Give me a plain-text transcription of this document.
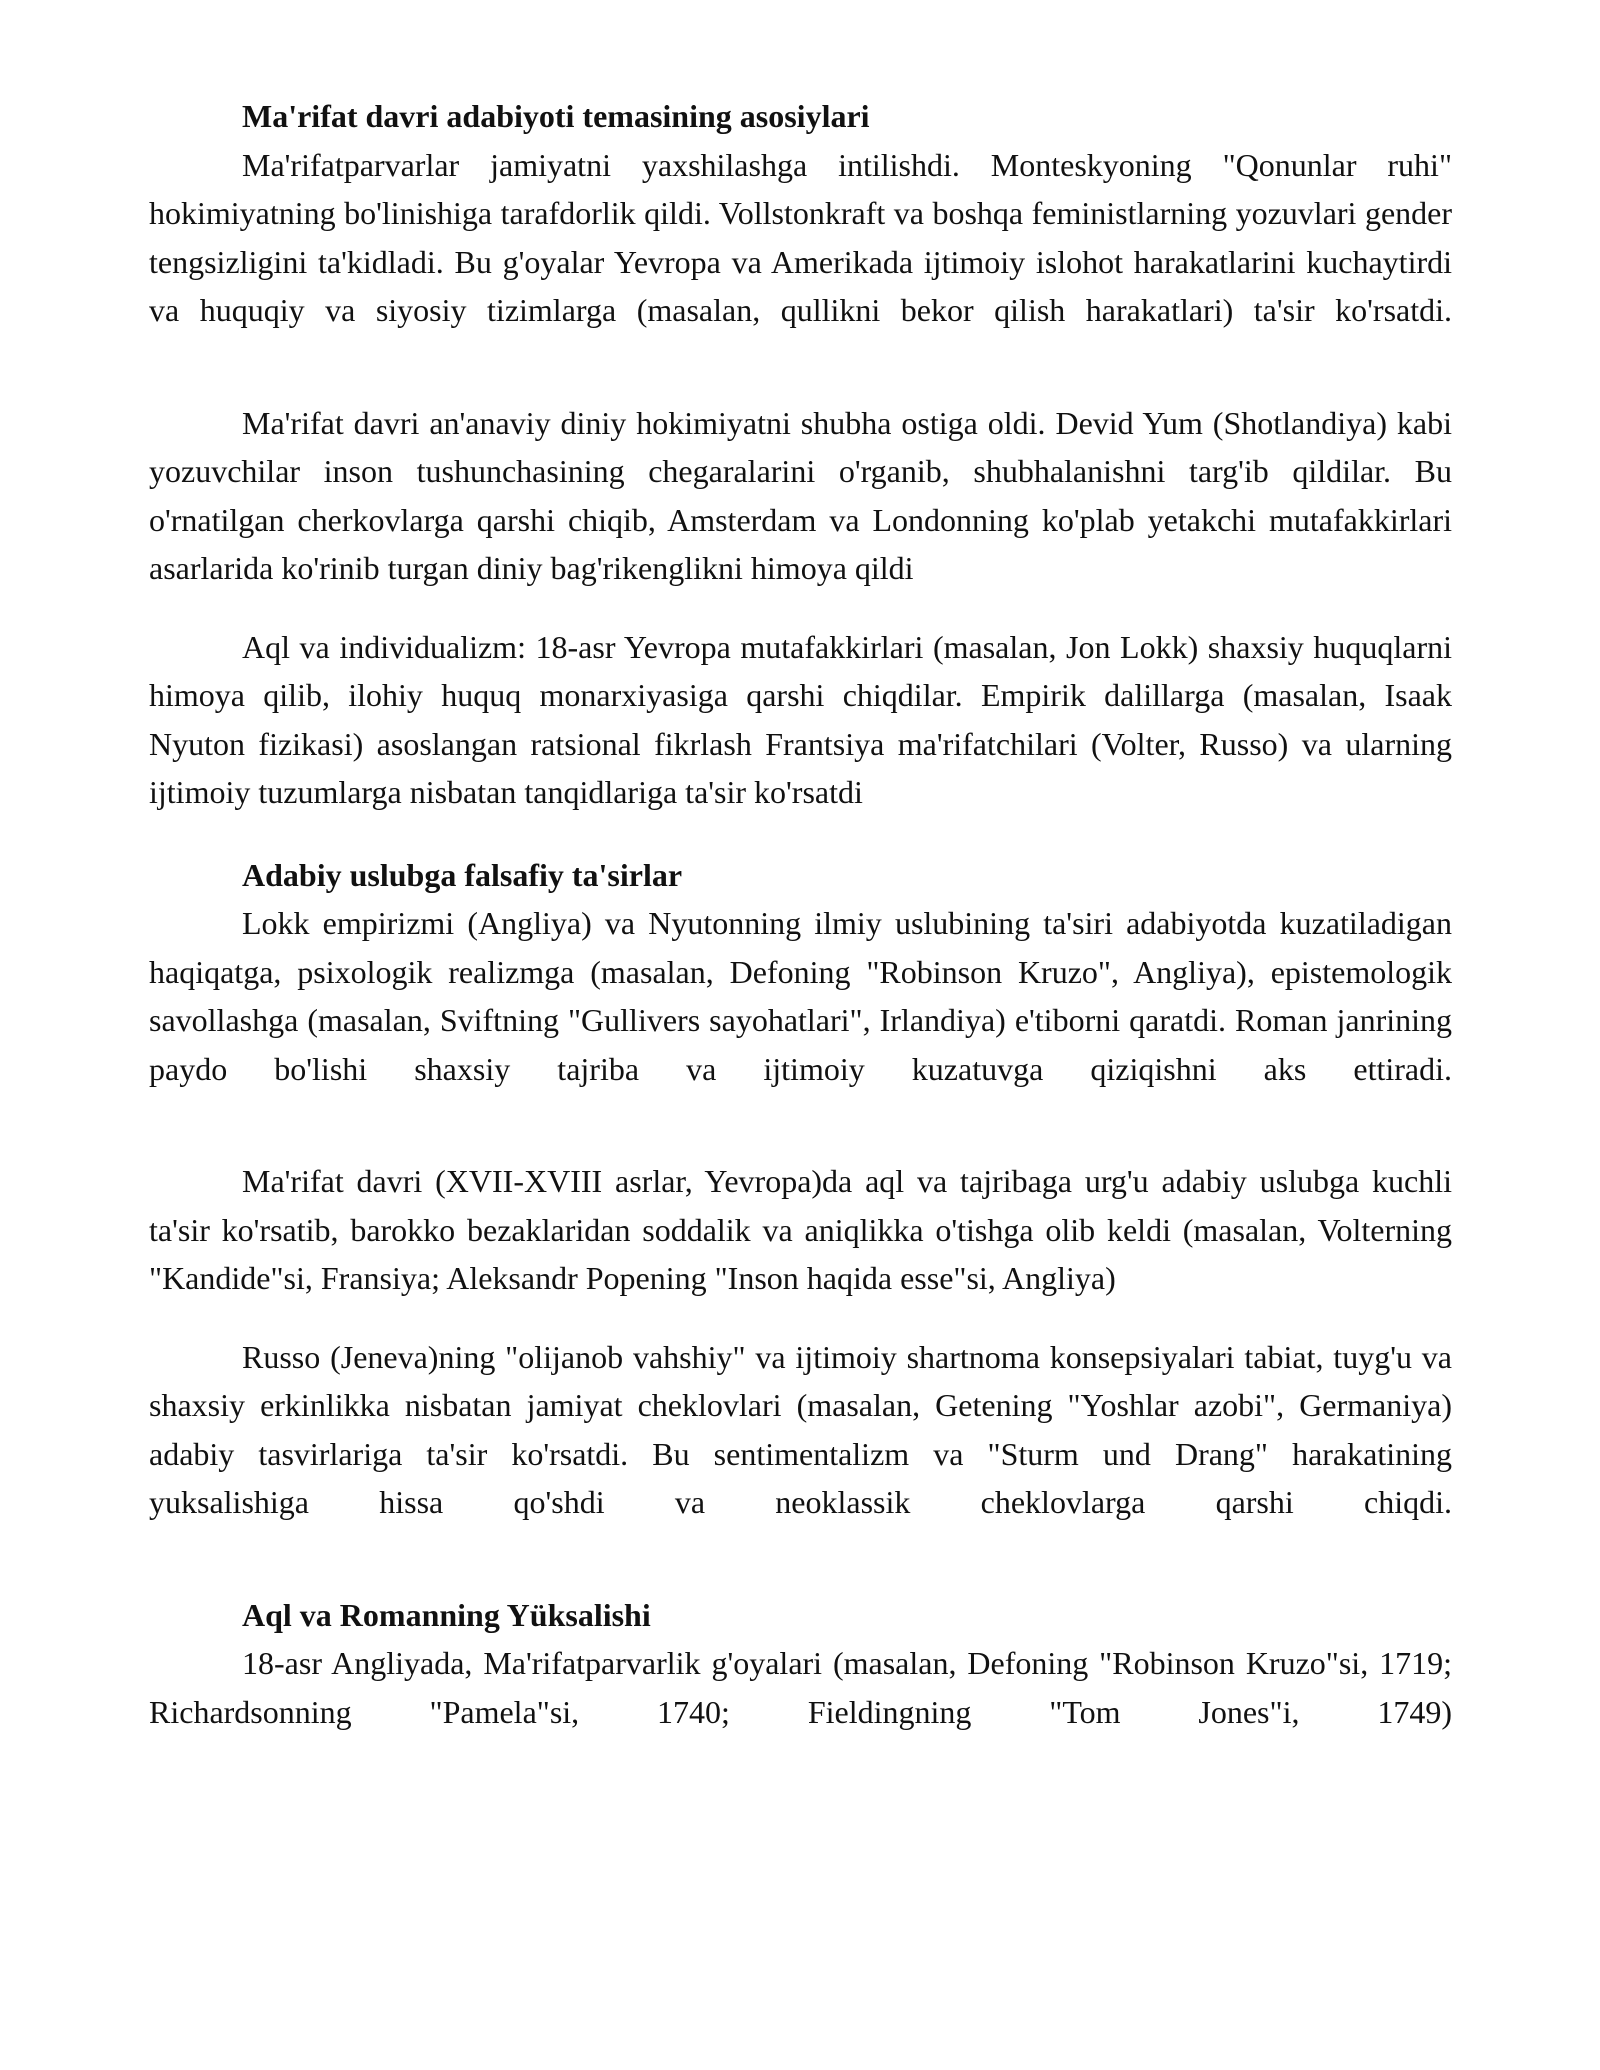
Ma'rifat davri adabiyoti temasining asosiylari

Ma'rifatparvarlar jamiyatni yaxshilashga intilishdi. Monteskyoning "Qonunlar ruhi" hokimiyatning bo'linishiga tarafdorlik qildi. Vollstonkraft va boshqa feministlarning yozuvlari gender tengsizligini ta'kidladi. Bu g'oyalar Yevropa va Amerikada ijtimoiy islohot harakatlarini kuchaytirdi va huquqiy va siyosiy tizimlarga (masalan, qullikni bekor qilish harakatlari) ta'sir ko'rsatdi.

Ma'rifat davri an'anaviy diniy hokimiyatni shubha ostiga oldi. Devid Yum (Shotlandiya) kabi yozuvchilar inson tushunchasining chegaralarini o'rganib, shubhalanishni targ'ib qildilar. Bu o'rnatilgan cherkovlarga qarshi chiqib, Amsterdam va Londonning ko'plab yetakchi mutafakkirlari asarlarida ko'rinib turgan diniy bag'rikenglikni himoya qildi

Aql va individualizm: 18-asr Yevropa mutafakkirlari (masalan, Jon Lokk) shaxsiy huquqlarni himoya qilib, ilohiy huquq monarxiyasiga qarshi chiqdilar. Empirik dalillarga (masalan, Isaak Nyuton fizikasi) asoslangan ratsional fikrlash Frantsiya ma'rifatchilari (Volter, Russo) va ularning ijtimoiy tuzumlarga nisbatan tanqidlariga ta'sir ko'rsatdi

Adabiy uslubga falsafiy ta'sirlar

Lokk empirizmi (Angliya) va Nyutonning ilmiy uslubining ta'siri adabiyotda kuzatiladigan haqiqatga, psixologik realizmga (masalan, Defoning "Robinson Kruzo", Angliya), epistemologik savollashga (masalan, Sviftning "Gullivers sayohatlari", Irlandiya) e'tiborni qaratdi. Roman janrining paydo bo'lishi shaxsiy tajriba va ijtimoiy kuzatuvga qiziqishni aks ettiradi.

Ma'rifat davri (XVII-XVIII asrlar, Yevropa)da aql va tajribaga urg'u adabiy uslubga kuchli ta'sir ko'rsatib, barokko bezaklaridan soddalik va aniqlikka o'tishga olib keldi (masalan, Volterning "Kandide"si, Fransiya; Aleksandr Popening "Inson haqida esse"si, Angliya)

Russo (Jeneva)ning "olijanob vahshiy" va ijtimoiy shartnoma konsepsiyalari tabiat, tuyg'u va shaxsiy erkinlikka nisbatan jamiyat cheklovlari (masalan, Getening "Yoshlar azobi", Germaniya) adabiy tasvirlariga ta'sir ko'rsatdi. Bu sentimentalizm va "Sturm und Drang" harakatining yuksalishiga hissa qo'shdi va neoklassik cheklovlarga qarshi chiqdi.

Aql va Romanning Yüksalishi

18-asr Angliyada, Ma'rifatparvarlik g'oyalari (masalan, Defoning "Robinson Kruzo"si, 1719; Richardsonning "Pamela"si, 1740; Fieldingning "Tom Jones"i, 1749)
